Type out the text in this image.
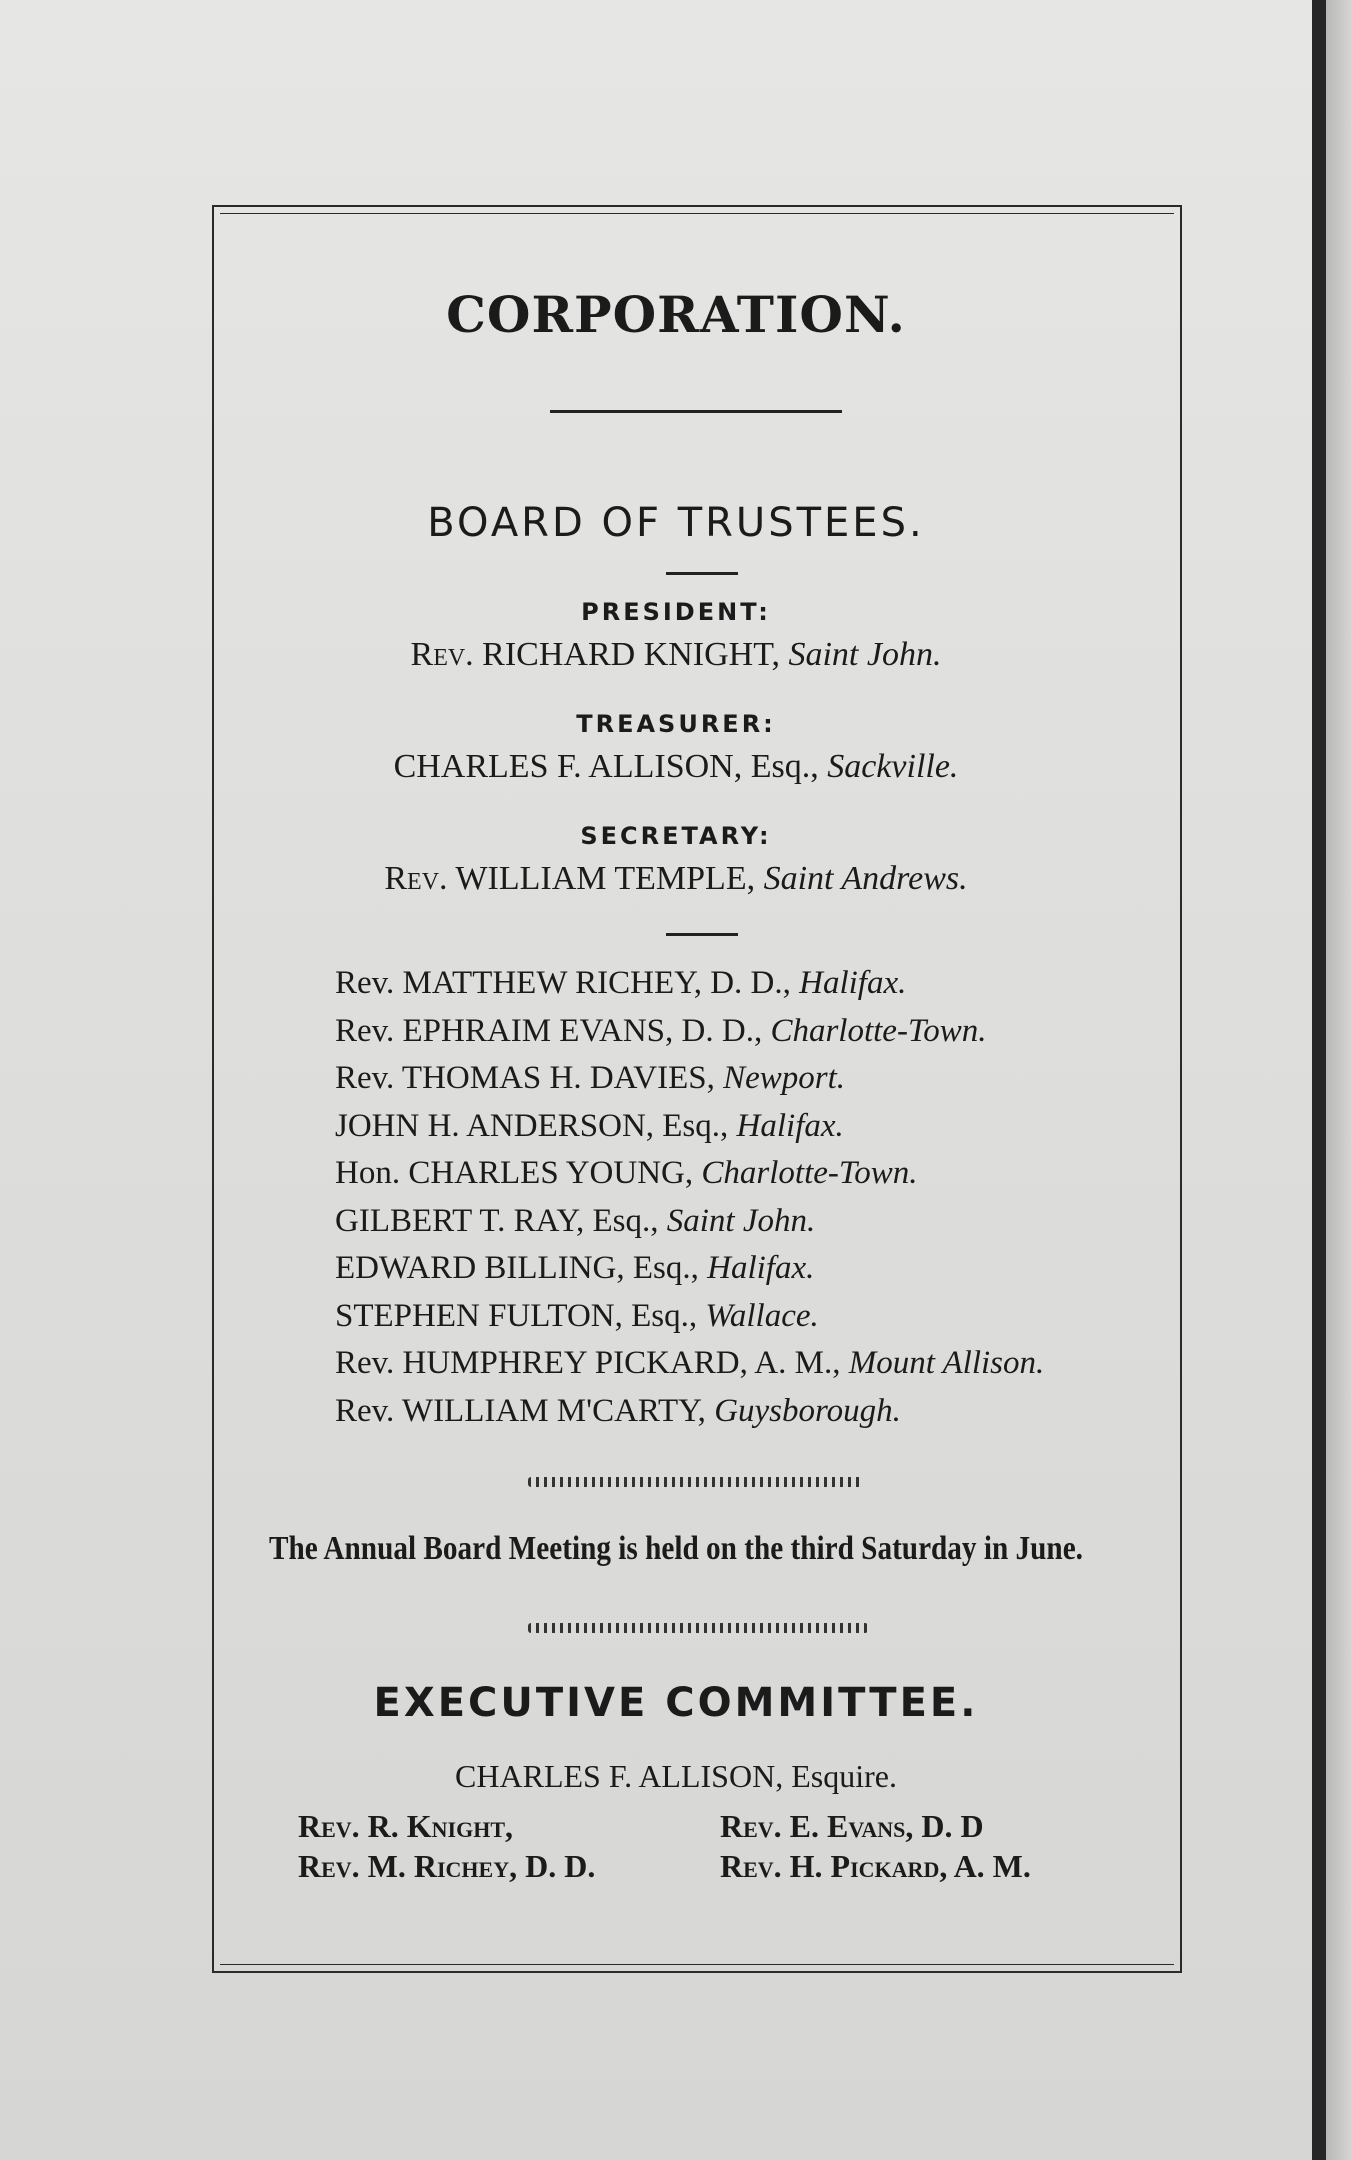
CORPORATION.
BOARD OF TRUSTEES.
PRESIDENT:
Rev. RICHARD KNIGHT, Saint John.
TREASURER:
CHARLES F. ALLISON, Esq., Sackville.
SECRETARY:
Rev. WILLIAM TEMPLE, Saint Andrews.
Rev. MATTHEW RICHEY, D. D., Halifax.
Rev. EPHRAIM EVANS, D. D., Charlotte-Town.
Rev. THOMAS H. DAVIES, Newport.
JOHN H. ANDERSON, Esq., Halifax.
Hon. CHARLES YOUNG, Charlotte-Town.
GILBERT T. RAY, Esq., Saint John.
EDWARD BILLING, Esq., Halifax.
STEPHEN FULTON, Esq., Wallace.
Rev. HUMPHREY PICKARD, A. M., Mount Allison.
Rev. WILLIAM M'CARTY, Guysborough.
The Annual Board Meeting is held on the third Saturday in June.
EXECUTIVE COMMITTEE.
CHARLES F. ALLISON, Esquire.
Rev. R. Knight,	Rev. E. Evans, D. D
Rev. M. Richey, D. D.	Rev. H. Pickard, A. M.
